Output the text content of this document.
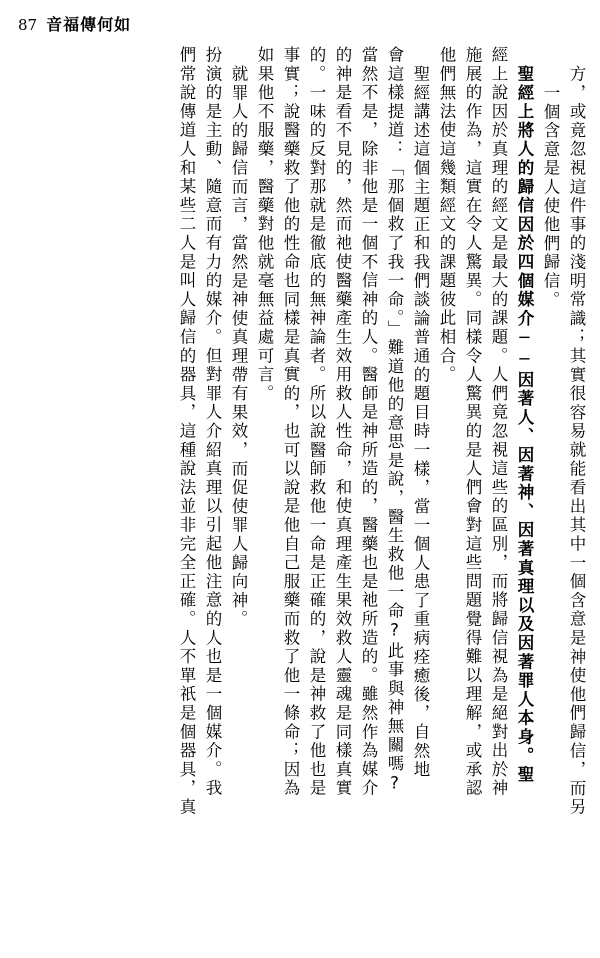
87 音福傳何如
方，或竟忽視這件事的淺明常識；其實很容易就能看出其中一個含意是神使他們歸信，而另
一個含意是人使他們歸信。
聖經上將人的歸信因於四個媒介──因著人、因著神、因著真理以及因著罪人本身。聖
經上說因於真理的經文是最大的課題。人們竟忽視這些的區別，而將歸信視為是絕對出於神
施展的作為，這實在令人驚異。同樣令人驚異的是人們會對這些問題覺得難以理解，或承認
他們無法使這幾類經文的課題彼此相合。
聖經講述這個主題正和我們談論普通的題目時一樣，當一個人患了重病痊癒後，自然地
會這樣提道：「那個救了我一命。」難道他的意思是說，醫生救他一命?此事與神無關嗎?
當然不是，除非他是一個不信神的人。醫師是神所造的，醫藥也是祂所造的。雖然作為媒介
的神是看不見的，然而祂使醫藥產生效用救人性命，和使真理產生果效救人靈魂是同樣真實
的。一味的反對那就是徹底的無神論者。所以說醫師救他一命是正確的，說是神救了他也是
事實；說醫藥救了他的性命也同樣是真實的，也可以說是他自己服藥而救了他一條命；因為
如果他不服藥，醫藥對他就毫無益處可言。
就罪人的歸信而言，當然是神使真理帶有果效，而促使罪人歸向神。
扮演的是主動、隨意而有力的媒介。但對罪人介紹真理以引起他注意的人也是一個媒介。我
們常說傳道人和某些二人是叫人歸信的器具，這種說法並非完全正確。人不單祇是個器具，真
